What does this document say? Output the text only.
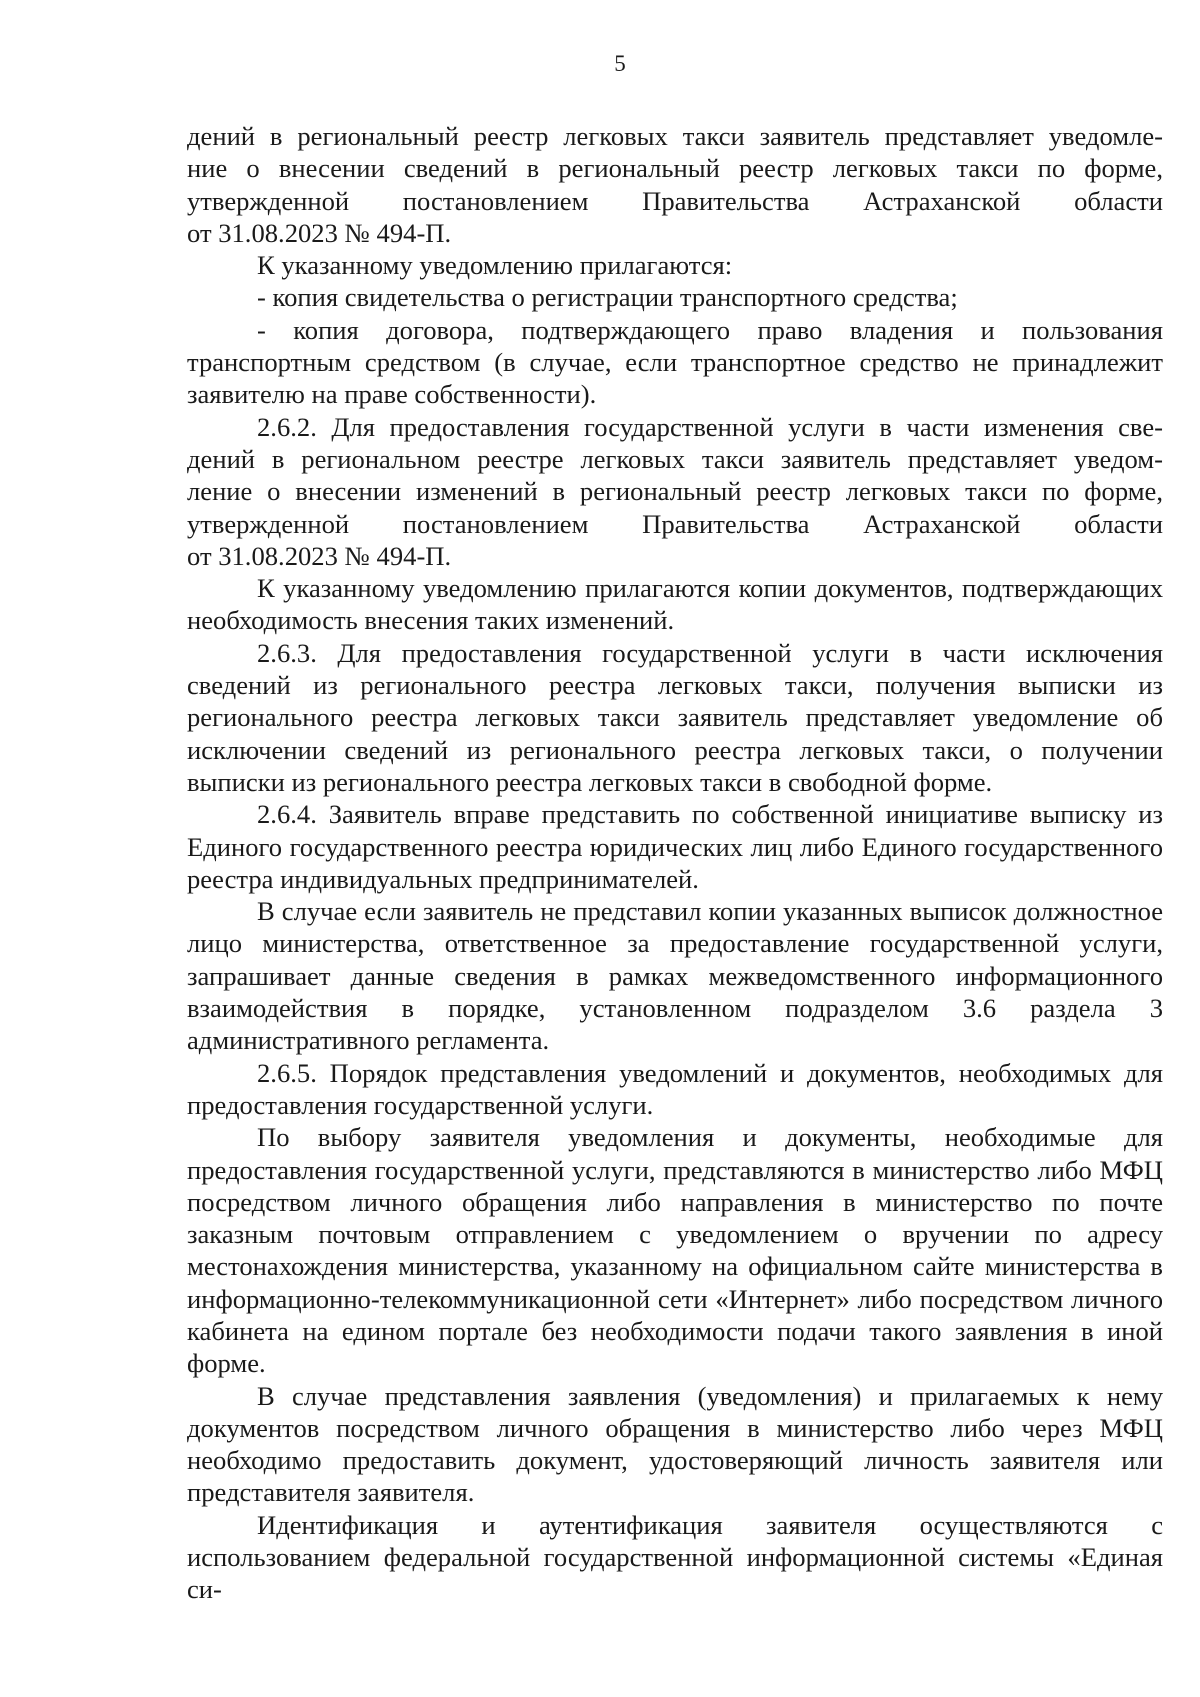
5

дений в региональный реестр легковых такси заявитель представляет уведомле-

ние о внесении сведений в региональный реестр легковых такси по форме,

утвержденной постановлением Правительства Астраханской области

от 31.08.2023 № 494-П.

К указанному уведомлению прилагаются:

- копия свидетельства о регистрации транспортного средства;

- копия договора, подтверждающего право владения и пользования транспортным средством (в случае, если транспортное средство не принадлежит заявителю на праве собственности).

2.6.2. Для предоставления государственной услуги в части изменения све-

дений в региональном реестре легковых такси заявитель представляет уведом-

ление о внесении изменений в региональный реестр легковых такси по форме,

утвержденной постановлением Правительства Астраханской области

от 31.08.2023 № 494-П.

К указанному уведомлению прилагаются копии документов, подтверждающих необходимость внесения таких изменений.

2.6.3. Для предоставления государственной услуги в части исключения сведений из регионального реестра легковых такси, получения выписки из регионального реестра легковых такси заявитель представляет уведомление об исключении сведений из регионального реестра легковых такси, о получении выписки из регионального реестра легковых такси в свободной форме.

2.6.4. Заявитель вправе представить по собственной инициативе выписку из Единого государственного реестра юридических лиц либо Единого государственного реестра индивидуальных предпринимателей.

В случае если заявитель не представил копии указанных выписок должностное лицо министерства, ответственное за предоставление государственной услуги, запрашивает данные сведения в рамках межведомственного информационного взаимодействия в порядке, установленном подразделом 3.6 раздела 3 административного регламента.

2.6.5. Порядок представления уведомлений и документов, необходимых для предоставления государственной услуги.

По выбору заявителя уведомления и документы, необходимые для предоставления государственной услуги, представляются в министерство либо МФЦ посредством личного обращения либо направления в министерство по почте заказным почтовым отправлением с уведомлением о вручении по адресу местонахождения министерства, указанному на официальном сайте министерства в информационно-телекоммуникационной сети «Интернет» либо посредством личного кабинета на едином портале без необходимости подачи такого заявления в иной форме.

В случае представления заявления (уведомления) и прилагаемых к нему документов посредством личного обращения в министерство либо через МФЦ необходимо предоставить документ, удостоверяющий личность заявителя или представителя заявителя.

Идентификация и аутентификация заявителя осуществляются с использованием федеральной государственной информационной системы «Единая си-
